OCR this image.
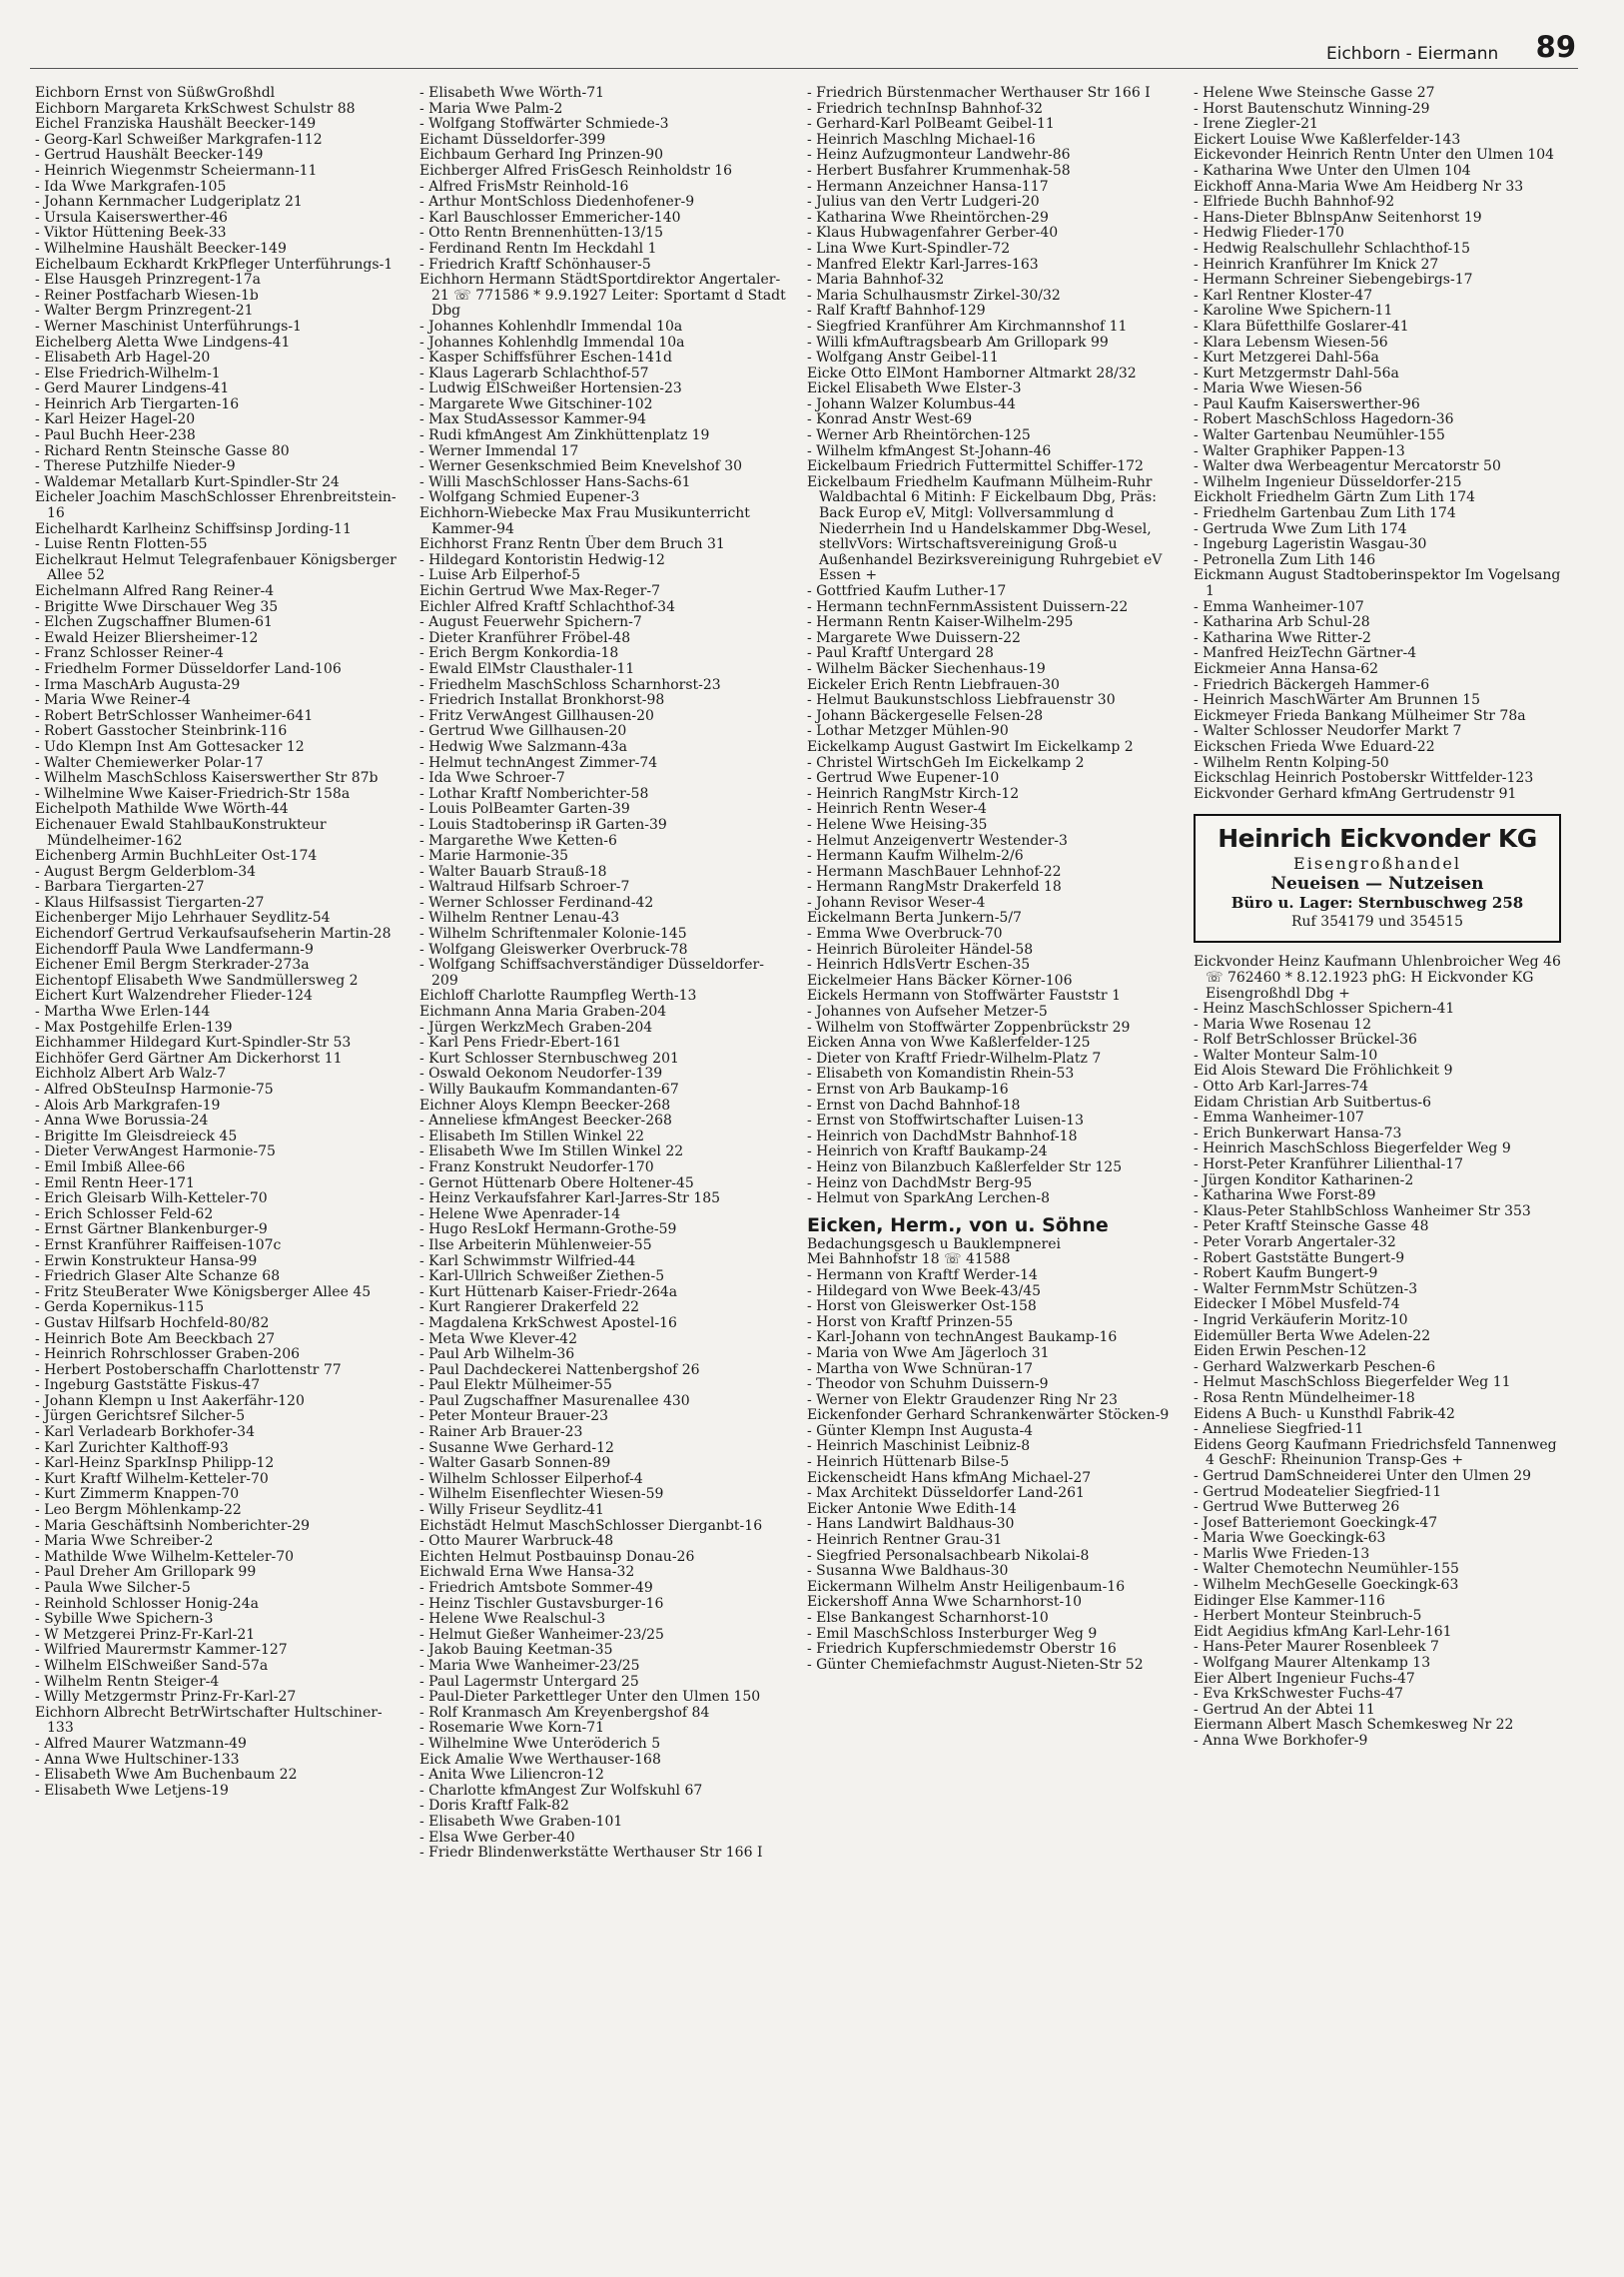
Eichborn - Eiermann 89
Eichborn Ernst von SüßwGroßhdl
Eichborn Margareta KrkSchwest Schulstr 88
Eichel Franziska Haushält Beecker-149
- Georg-Karl Schweißer Markgrafen-112
- Gertrud Haushält Beecker-149
- Heinrich Wiegenmstr Scheiermann-11
- Ida Wwe Markgrafen-105
- Johann Kernmacher Ludgeriplatz 21
- Ursula Kaiserswerther-46
- Viktor Hüttening Beek-33
- Wilhelmine Haushält Beecker-149
Eichelbaum Eckhardt KrkPfleger Unterführungs-1
- Else Hausgeh Prinzregent-17a
- Reiner Postfacharb Wiesen-1b
- Walter Bergm Prinzregent-21
- Werner Maschinist Unterführungs-1
Eichelberg Aletta Wwe Lindgens-41
- Elisabeth Arb Hagel-20
- Else Friedrich-Wilhelm-1
- Gerd Maurer Lindgens-41
- Heinrich Arb Tiergarten-16
- Karl Heizer Hagel-20
- Paul Buchh Heer-238
- Richard Rentn Steinsche Gasse 80
- Therese Putzhilfe Nieder-9
- Waldemar Metallarb Kurt-Spindler-Str 24
Eicheler Joachim MaschSchlosser Ehrenbreitstein-16
Eichelhardt Karlheinz Schiffsinsp Jording-11
- Luise Rentn Flotten-55
Eichelkraut Helmut Telegrafenbauer Königsberger Allee 52
Eichelmann Alfred Rang Reiner-4
- Brigitte Wwe Dirschauer Weg 35
- Elchen Zugschaffner Blumen-61
- Ewald Heizer Bliersheimer-12
- Franz Schlosser Reiner-4
- Friedhelm Former Düsseldorfer Land-106
- Irma MaschArb Augusta-29
- Maria Wwe Reiner-4
- Robert BetrSchlosser Wanheimer-641
- Robert Gasstocher Steinbrink-116
- Udo Klempn Inst Am Gottesacker 12
- Walter Chemiewerker Polar-17
- Wilhelm MaschSchloss Kaiserswerther Str 87b
- Wilhelmine Wwe Kaiser-Friedrich-Str 158a
Eichelpoth Mathilde Wwe Wörth-44
Eichenauer Ewald StahlbauKonstrukteur Mündelheimer-162
Eichenberg Armin BuchhLeiter Ost-174
- August Bergm Gelderblom-34
- Barbara Tiergarten-27
- Klaus Hilfsassist Tiergarten-27
Eichenberger Mijo Lehrhauer Seydlitz-54
Eichendorf Gertrud Verkaufsaufseherin Martin-28
Eichendorff Paula Wwe Landfermann-9
Eichener Emil Bergm Sterkrader-273a
Eichentopf Elisabeth Wwe Sandmüllersweg 2
Eichert Kurt Walzendreher Flieder-124
- Martha Wwe Erlen-144
- Max Postgehilfe Erlen-139
Eichhammer Hildegard Kurt-Spindler-Str 53
Eichhöfer Gerd Gärtner Am Dickerhorst 11
Eichholz Albert Arb Walz-7
- Alfred ObSteuInsp Harmonie-75
- Alois Arb Markgrafen-19
- Anna Wwe Borussia-24
- Brigitte Im Gleisdreieck 45
- Dieter VerwAngest Harmonie-75
- Emil Imbiß Allee-66
- Emil Rentn Heer-171
- Erich Gleisarb Wilh-Ketteler-70
- Erich Schlosser Feld-62
- Ernst Gärtner Blankenburger-9
- Ernst Kranführer Raiffeisen-107c
- Erwin Konstrukteur Hansa-99
- Friedrich Glaser Alte Schanze 68
- Fritz SteuBerater Wwe Königsberger Allee 45
- Gerda Kopernikus-115
- Gustav Hilfsarb Hochfeld-80/82
- Heinrich Bote Am Beeckbach 27
- Heinrich Rohrschlosser Graben-206
- Herbert Postoberschaffn Charlottenstr 77
- Ingeburg Gaststätte Fiskus-47
- Johann Klempn u Inst Aakerfähr-120
- Jürgen Gerichtsref Silcher-5
- Karl Verladearb Borkhofer-34
- Karl Zurichter Kalthoff-93
- Karl-Heinz SparkInsp Philipp-12
- Kurt Kraftf Wilhelm-Ketteler-70
- Kurt Zimmerm Knappen-70
- Leo Bergm Möhlenkamp-22
- Maria Geschäftsinh Nomberichter-29
- Maria Wwe Schreiber-2
- Mathilde Wwe Wilhelm-Ketteler-70
- Paul Dreher Am Grillopark 99
- Paula Wwe Silcher-5
- Reinhold Schlosser Honig-24a
- Sybille Wwe Spichern-3
- W Metzgerei Prinz-Fr-Karl-21
- Wilfried Maurermstr Kammer-127
- Wilhelm ElSchweißer Sand-57a
- Wilhelm Rentn Steiger-4
- Willy Metzgermstr Prinz-Fr-Karl-27
Eichhorn Albrecht BetrWirtschafter Hultschiner-133
- Alfred Maurer Watzmann-49
- Anna Wwe Hultschiner-133
- Elisabeth Wwe Am Buchenbaum 22
- Elisabeth Wwe Letjens-19
- Elisabeth Wwe Wörth-71
- Maria Wwe Palm-2
- Wolfgang Stoffwärter Schmiede-3
Eichamt Düsseldorfer-399
Eichbaum Gerhard Ing Prinzen-90
Eichberger Alfred FrisGesch Reinholdstr 16
- Alfred FrisMstr Reinhold-16
- Arthur MontSchloss Diedenhofener-9
- Karl Bauschlosser Emmericher-140
- Otto Rentn Brennenhütten-13/15
- Ferdinand Rentn Im Heckdahl 1
- Friedrich Kraftf Schönhauser-5
Eichhorn Hermann StädtSportdirektor Angertaler-21 ☏ 771586 * 9.9.1927 Leiter: Sportamt d Stadt Dbg
- Johannes Kohlenhdlr Immendal 10a
- Johannes Kohlenhdlg Immendal 10a
- Kasper Schiffsführer Eschen-141d
- Klaus Lagerarb Schlachthof-57
- Ludwig ElSchweißer Hortensien-23
- Margarete Wwe Gitschiner-102
- Max StudAssessor Kammer-94
- Rudi kfmAngest Am Zinkhüttenplatz 19
- Werner Immendal 17
- Werner Gesenkschmied Beim Knevelshof 30
- Willi MaschSchlosser Hans-Sachs-61
- Wolfgang Schmied Eupener-3
Eichhorn-Wiebecke Max Frau Musikunterricht Kammer-94
Eichhorst Franz Rentn Über dem Bruch 31
- Hildegard Kontoristin Hedwig-12
- Luise Arb Eilperhof-5
Eichin Gertrud Wwe Max-Reger-7
Eichler Alfred Kraftf Schlachthof-34
- August Feuerwehr Spichern-7
- Dieter Kranführer Fröbel-48
- Erich Bergm Konkordia-18
- Ewald ElMstr Clausthaler-11
- Friedhelm MaschSchloss Scharnhorst-23
- Friedrich Installat Bronkhorst-98
- Fritz VerwAngest Gillhausen-20
- Gertrud Wwe Gillhausen-20
- Hedwig Wwe Salzmann-43a
- Helmut technAngest Zimmer-74
- Ida Wwe Schroer-7
- Lothar Kraftf Nomberichter-58
- Louis PolBeamter Garten-39
- Louis Stadtoberinsp iR Garten-39
- Margarethe Wwe Ketten-6
- Marie Harmonie-35
- Walter Bauarb Strauß-18
- Waltraud Hilfsarb Schroer-7
- Werner Schlosser Ferdinand-42
- Wilhelm Rentner Lenau-43
- Wilhelm Schriftenmaler Kolonie-145
- Wolfgang Gleiswerker Overbruck-78
- Wolfgang Schiffsachverständiger Düsseldorfer-209
Eichloff Charlotte Raumpfleg Werth-13
Eichmann Anna Maria Graben-204
- Jürgen WerkzMech Graben-204
- Karl Pens Friedr-Ebert-161
- Kurt Schlosser Sternbuschweg 201
- Oswald Oekonom Neudorfer-139
- Willy Baukaufm Kommandanten-67
Eichner Aloys Klempn Beecker-268
- Anneliese kfmAngest Beecker-268
- Elisabeth Im Stillen Winkel 22
- Elisabeth Wwe Im Stillen Winkel 22
- Franz Konstrukt Neudorfer-170
- Gernot Hüttenarb Obere Holtener-45
- Heinz Verkaufsfahrer Karl-Jarres-Str 185
- Helene Wwe Apenrader-14
- Hugo ResLokf Hermann-Grothe-59
- Ilse Arbeiterin Mühlenweier-55
- Karl Schwimmstr Wilfried-44
- Karl-Ullrich Schweißer Ziethen-5
- Kurt Hüttenarb Kaiser-Friedr-264a
- Kurt Rangierer Drakerfeld 22
- Magdalena KrkSchwest Apostel-16
- Meta Wwe Klever-42
- Paul Arb Wilhelm-36
- Paul Dachdeckerei Nattenbergshof 26
- Paul Elektr Mülheimer-55
- Paul Zugschaffner Masurenallee 430
- Peter Monteur Brauer-23
- Rainer Arb Brauer-23
- Susanne Wwe Gerhard-12
- Walter Gasarb Sonnen-89
- Wilhelm Schlosser Eilperhof-4
- Wilhelm Eisenflechter Wiesen-59
- Willy Friseur Seydlitz-41
Eichstädt Helmut MaschSchlosser Dierganbt-16
- Otto Maurer Warbruck-48
Eichten Helmut Postbauinsp Donau-26
Eichwald Erna Wwe Hansa-32
- Friedrich Amtsbote Sommer-49
- Heinz Tischler Gustavsburger-16
- Helene Wwe Realschul-3
- Helmut Gießer Wanheimer-23/25
- Jakob Bauing Keetman-35
- Maria Wwe Wanheimer-23/25
- Paul Lagermstr Untergard 25
- Paul-Dieter Parkettleger Unter den Ulmen 150
- Rolf Kranmasch Am Kreyenbergshof 84
- Rosemarie Wwe Korn-71
- Wilhelmine Wwe Unteröderich 5
Eick Amalie Wwe Werthauser-168
- Anita Wwe Liliencron-12
- Charlotte kfmAngest Zur Wolfskuhl 67
- Doris Kraftf Falk-82
- Elisabeth Wwe Graben-101
- Elsa Wwe Gerber-40
- Friedr Blindenwerkstätte Werthauser Str 166 I
- Friedrich Bürstenmacher Werthauser Str 166 I
- Friedrich technInsp Bahnhof-32
- Gerhard-Karl PolBeamt Geibel-11
- Heinrich Maschlng Michael-16
- Heinz Aufzugmonteur Landwehr-86
- Herbert Busfahrer Krummenhak-58
- Hermann Anzeichner Hansa-117
- Julius van den Vertr Ludgeri-20
- Katharina Wwe Rheintörchen-29
- Klaus Hubwagenfahrer Gerber-40
- Lina Wwe Kurt-Spindler-72
- Manfred Elektr Karl-Jarres-163
- Maria Bahnhof-32
- Maria Schulhausmstr Zirkel-30/32
- Ralf Kraftf Bahnhof-129
- Siegfried Kranführer Am Kirchmannshof 11
- Willi kfmAuftragsbearb Am Grillopark 99
- Wolfgang Anstr Geibel-11
Eicke Otto ElMont Hamborner Altmarkt 28/32
Eickel Elisabeth Wwe Elster-3
- Johann Walzer Kolumbus-44
- Konrad Anstr West-69
- Werner Arb Rheintörchen-125
- Wilhelm kfmAngest St-Johann-46
Eickelbaum Friedrich Futtermittel Schiffer-172
Eickelbaum Friedhelm Kaufmann Mülheim-Ruhr Waldbachtal 6 Mitinh: F Eickelbaum Dbg, Präs: Back Europ eV, Mitgl: Vollversammlung d Niederrhein Ind u Handelskammer Dbg-Wesel, stellvVors: Wirtschaftsvereinigung Groß-u Außenhandel Bezirksvereinigung Ruhrgebiet eV Essen +
- Gottfried Kaufm Luther-17
- Hermann technFernmAssistent Duissern-22
- Hermann Rentn Kaiser-Wilhelm-295
- Margarete Wwe Duissern-22
- Paul Kraftf Untergard 28
- Wilhelm Bäcker Siechenhaus-19
Eickeler Erich Rentn Liebfrauen-30
- Helmut Baukunstschloss Liebfrauenstr 30
- Johann Bäckergeselle Felsen-28
- Lothar Metzger Mühlen-90
Eickelkamp August Gastwirt Im Eickelkamp 2
- Christel WirtschGeh Im Eickelkamp 2
- Gertrud Wwe Eupener-10
- Heinrich RangMstr Kirch-12
- Heinrich Rentn Weser-4
- Helene Wwe Heising-35
- Helmut Anzeigenvertr Westender-3
- Hermann Kaufm Wilhelm-2/6
- Hermann MaschBauer Lehnhof-22
- Hermann RangMstr Drakerfeld 18
- Johann Revisor Weser-4
Eickelmann Berta Junkern-5/7
- Emma Wwe Overbruck-70
- Heinrich Büroleiter Händel-58
- Heinrich HdlsVertr Eschen-35
Eickelmeier Hans Bäcker Körner-106
Eickels Hermann von Stoffwärter Fauststr 1
- Johannes von Aufseher Metzer-5
- Wilhelm von Stoffwärter Zoppenbrückstr 29
Eicken Anna von Wwe Kaßlerfelder-125
- Dieter von Kraftf Friedr-Wilhelm-Platz 7
- Elisabeth von Komandistin Rhein-53
- Ernst von Arb Baukamp-16
- Ernst von Dachd Bahnhof-18
- Ernst von Stoffwirtschafter Luisen-13
- Heinrich von DachdMstr Bahnhof-18
- Heinrich von Kraftf Baukamp-24
- Heinz von Bilanzbuch Kaßlerfelder Str 125
- Heinz von DachdMstr Berg-95
- Helmut von SparkAng Lerchen-8
Eicken, Herm., von u. Söhne
Bedachungsgesch u Bauklempnerei
Mei Bahnhofstr 18 ☏ 41588
- Hermann von Kraftf Werder-14
- Hildegard von Wwe Beek-43/45
- Horst von Gleiswerker Ost-158
- Horst von Kraftf Prinzen-55
- Karl-Johann von technAngest Baukamp-16
- Maria von Wwe Am Jägerloch 31
- Martha von Wwe Schnüran-17
- Theodor von Schuhm Duissern-9
- Werner von Elektr Graudenzer Ring Nr 23
Eickenfonder Gerhard Schrankenwärter Stöcken-9
- Günter Klempn Inst Augusta-4
- Heinrich Maschinist Leibniz-8
- Heinrich Hüttenarb Bilse-5
Eickenscheidt Hans kfmAng Michael-27
- Max Architekt Düsseldorfer Land-261
Eicker Antonie Wwe Edith-14
- Hans Landwirt Baldhaus-30
- Heinrich Rentner Grau-31
- Siegfried Personalsachbearb Nikolai-8
- Susanna Wwe Baldhaus-30
Eickermann Wilhelm Anstr Heiligenbaum-16
Eickershoff Anna Wwe Scharnhorst-10
- Else Bankangest Scharnhorst-10
- Emil MaschSchloss Insterburger Weg 9
- Friedrich Kupferschmiedemstr Oberstr 16
- Günter Chemiefachmstr August-Nieten-Str 52
- Helene Wwe Steinsche Gasse 27
- Horst Bautenschutz Winning-29
- Irene Ziegler-21
Eickert Louise Wwe Kaßlerfelder-143
Eickevonder Heinrich Rentn Unter den Ulmen 104
- Katharina Wwe Unter den Ulmen 104
Eickhoff Anna-Maria Wwe Am Heidberg Nr 33
- Elfriede Buchh Bahnhof-92
- Hans-Dieter BblnspAnw Seitenhorst 19
- Hedwig Flieder-170
- Hedwig Realschullehr Schlachthof-15
- Heinrich Kranführer Im Knick 27
- Hermann Schreiner Siebengebirgs-17
- Karl Rentner Kloster-47
- Karoline Wwe Spichern-11
- Klara Büfetthilfe Goslarer-41
- Klara Lebensm Wiesen-56
- Kurt Metzgerei Dahl-56a
- Kurt Metzgermstr Dahl-56a
- Maria Wwe Wiesen-56
- Paul Kaufm Kaiserswerther-96
- Robert MaschSchloss Hagedorn-36
- Walter Gartenbau Neumühler-155
- Walter Graphiker Pappen-13
- Walter dwa Werbeagentur Mercatorstr 50
- Wilhelm Ingenieur Düsseldorfer-215
Eickholt Friedhelm Gärtn Zum Lith 174
- Friedhelm Gartenbau Zum Lith 174
- Gertruda Wwe Zum Lith 174
- Ingeburg Lageristin Wasgau-30
- Petronella Zum Lith 146
Eickmann August Stadtoberinspektor Im Vogelsang 1
- Emma Wanheimer-107
- Katharina Arb Schul-28
- Katharina Wwe Ritter-2
- Manfred HeizTechn Gärtner-4
Eickmeier Anna Hansa-62
- Friedrich Bäckergeh Hammer-6
- Heinrich MaschWärter Am Brunnen 15
Eickmeyer Frieda Bankang Mülheimer Str 78a
- Walter Schlosser Neudorfer Markt 7
Eickschen Frieda Wwe Eduard-22
- Wilhelm Rentn Kolping-50
Eickschlag Heinrich Postoberskr Wittfelder-123
Eickvonder Gerhard kfmAng Gertrudenstr 91
Heinrich Eickvonder KG
Eisengroßhandel
Neueisen — Nutzeisen
Büro u. Lager: Sternbuschweg 258
Ruf 354179 und 354515
Eickvonder Heinz Kaufmann Uhlenbroicher Weg 46 ☏ 762460 * 8.12.1923 phG: H Eickvonder KG Eisengroßhdl Dbg +
- Heinz MaschSchlosser Spichern-41
- Maria Wwe Rosenau 12
- Rolf BetrSchlosser Brückel-36
- Walter Monteur Salm-10
Eid Alois Steward Die Fröhlichkeit 9
- Otto Arb Karl-Jarres-74
Eidam Christian Arb Suitbertus-6
- Emma Wanheimer-107
- Erich Bunkerwart Hansa-73
- Heinrich MaschSchloss Biegerfelder Weg 9
- Horst-Peter Kranführer Lilienthal-17
- Jürgen Konditor Katharinen-2
- Katharina Wwe Forst-89
- Klaus-Peter StahlbSchloss Wanheimer Str 353
- Peter Kraftf Steinsche Gasse 48
- Peter Vorarb Angertaler-32
- Robert Gaststätte Bungert-9
- Robert Kaufm Bungert-9
- Walter FernmMstr Schützen-3
Eidecker I Möbel Musfeld-74
- Ingrid Verkäuferin Moritz-10
Eidemüller Berta Wwe Adelen-22
Eiden Erwin Peschen-12
- Gerhard Walzwerkarb Peschen-6
- Helmut MaschSchloss Biegerfelder Weg 11
- Rosa Rentn Mündelheimer-18
Eidens A Buch- u Kunsthdl Fabrik-42
- Anneliese Siegfried-11
Eidens Georg Kaufmann Friedrichsfeld Tannenweg 4 GeschF: Rheinunion Transp-Ges +
- Gertrud DamSchneiderei Unter den Ulmen 29
- Gertrud Modeatelier Siegfried-11
- Gertrud Wwe Butterweg 26
- Josef Batteriemont Goeckingk-47
- Maria Wwe Goeckingk-63
- Marlis Wwe Frieden-13
- Walter Chemotechn Neumühler-155
- Wilhelm MechGeselle Goeckingk-63
Eidinger Else Kammer-116
- Herbert Monteur Steinbruch-5
Eidt Aegidius kfmAng Karl-Lehr-161
- Hans-Peter Maurer Rosenbleek 7
- Wolfgang Maurer Altenkamp 13
Eier Albert Ingenieur Fuchs-47
- Eva KrkSchwester Fuchs-47
- Gertrud An der Abtei 11
Eiermann Albert Masch Schemkesweg Nr 22
- Anna Wwe Borkhofer-9
